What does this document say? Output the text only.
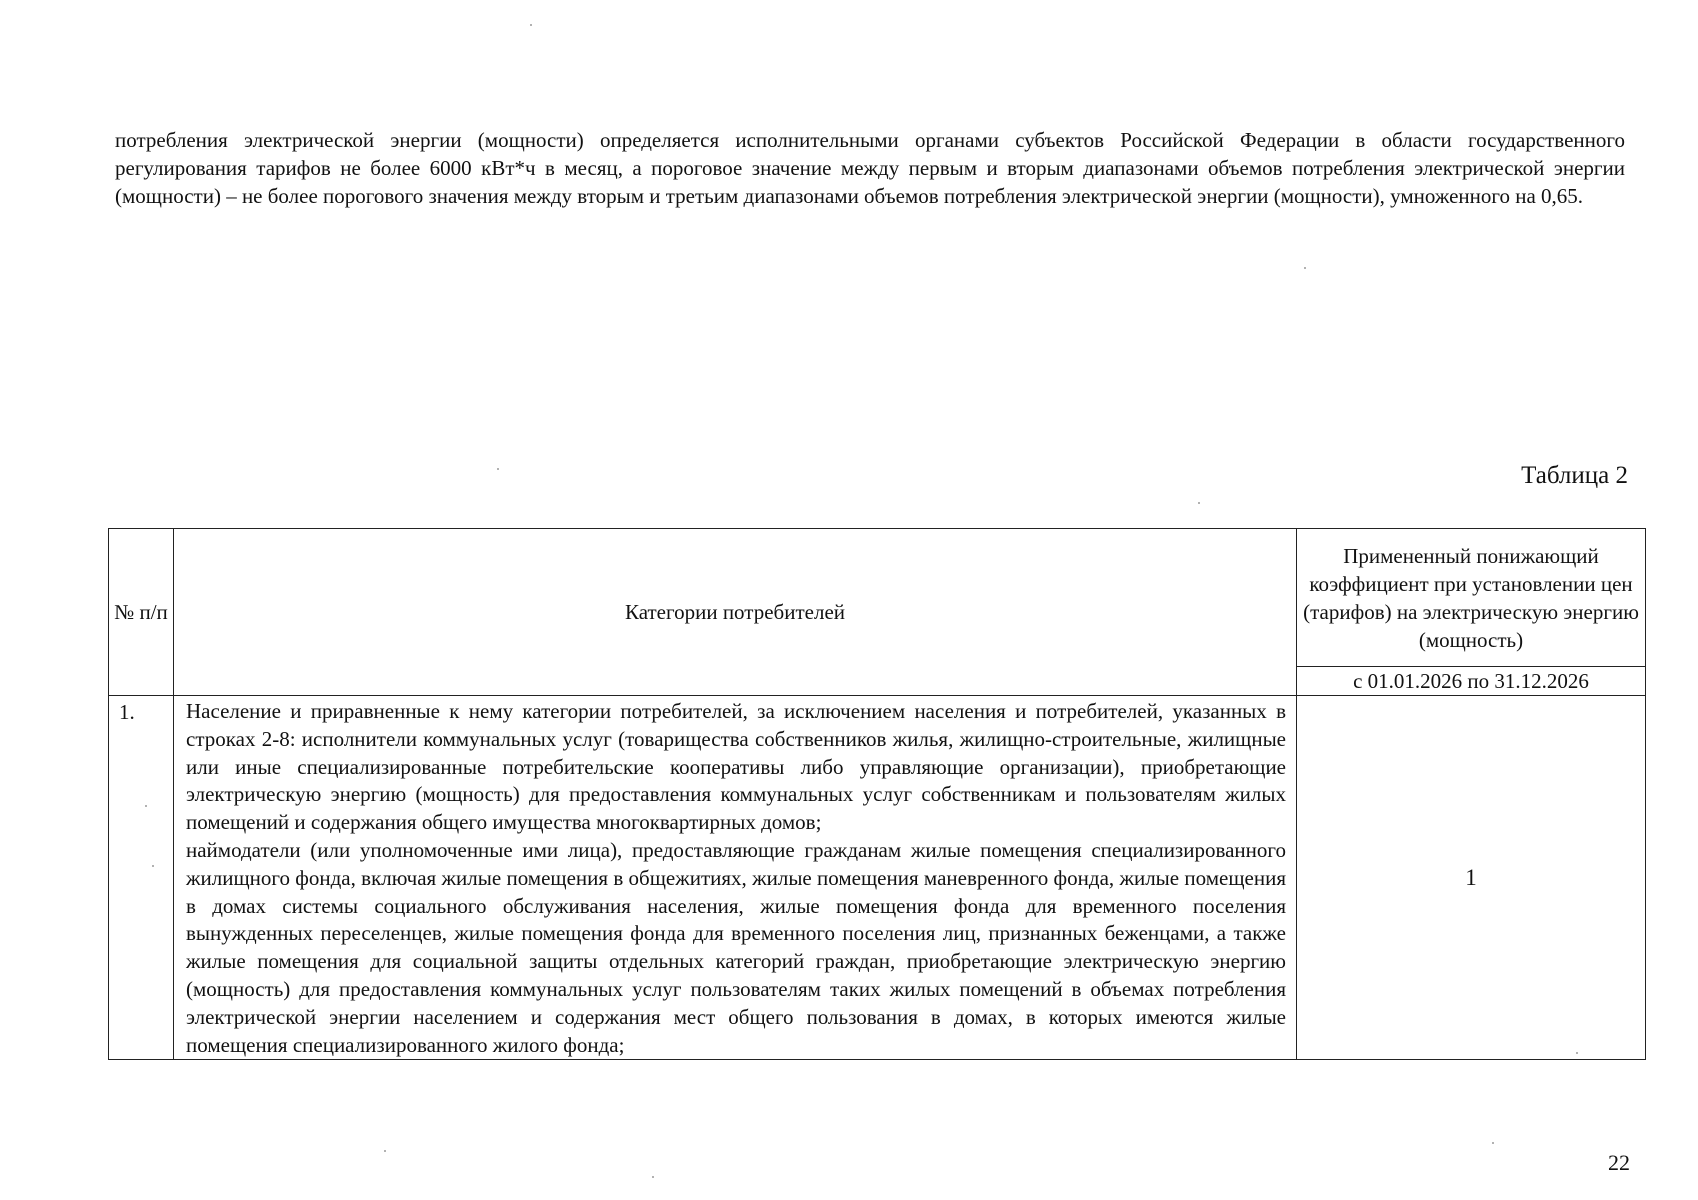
потребления электрической энергии (мощности) определяется исполнительными органами субъектов Российской Федерации в области государственного регулирования тарифов не более 6000 кВт*ч в месяц, а пороговое значение между первым и вторым диапазонами объемов потребления электрической энергии (мощности) – не более порогового значения между вторым и третьим диапазонами объемов потребления электрической энергии (мощности), умноженного на 0,65.

Таблица 2
№ п/п	Категории потребителей	Примененный понижающий коэффициент при установлении цен (тарифов) на электрическую энергию (мощность)
		с 01.01.2026 по 31.12.2026
1.	Население и приравненные к нему категории потребителей, за исключением населения и потребителей, указанных в строках 2-8: исполнители коммунальных услуг (товарищества собственников жилья, жилищно-строительные, жилищные или иные специализированные потребительские кооперативы либо управляющие организации), приобретающие электрическую энергию (мощность) для предоставления коммунальных услуг собственникам и пользователям жилых помещений и содержания общего имущества многоквартирных домов;

наймодатели (или уполномоченные ими лица), предоставляющие гражданам жилые помещения специализированного жилищного фонда, включая жилые помещения в общежитиях, жилые помещения маневренного фонда, жилые помещения в домах системы социального обслуживания населения, жилые помещения фонда для временного поселения вынужденных переселенцев, жилые помещения фонда для временного поселения лиц, признанных беженцами, а также жилые помещения для социальной защиты отдельных категорий граждан, приобретающие электрическую энергию (мощность) для предоставления коммунальных услуг пользователям таких жилых помещений в объемах потребления электрической энергии населением и содержания мест общего пользования в домах, в которых имеются жилые помещения специализированного жилого фонда;	1
22
